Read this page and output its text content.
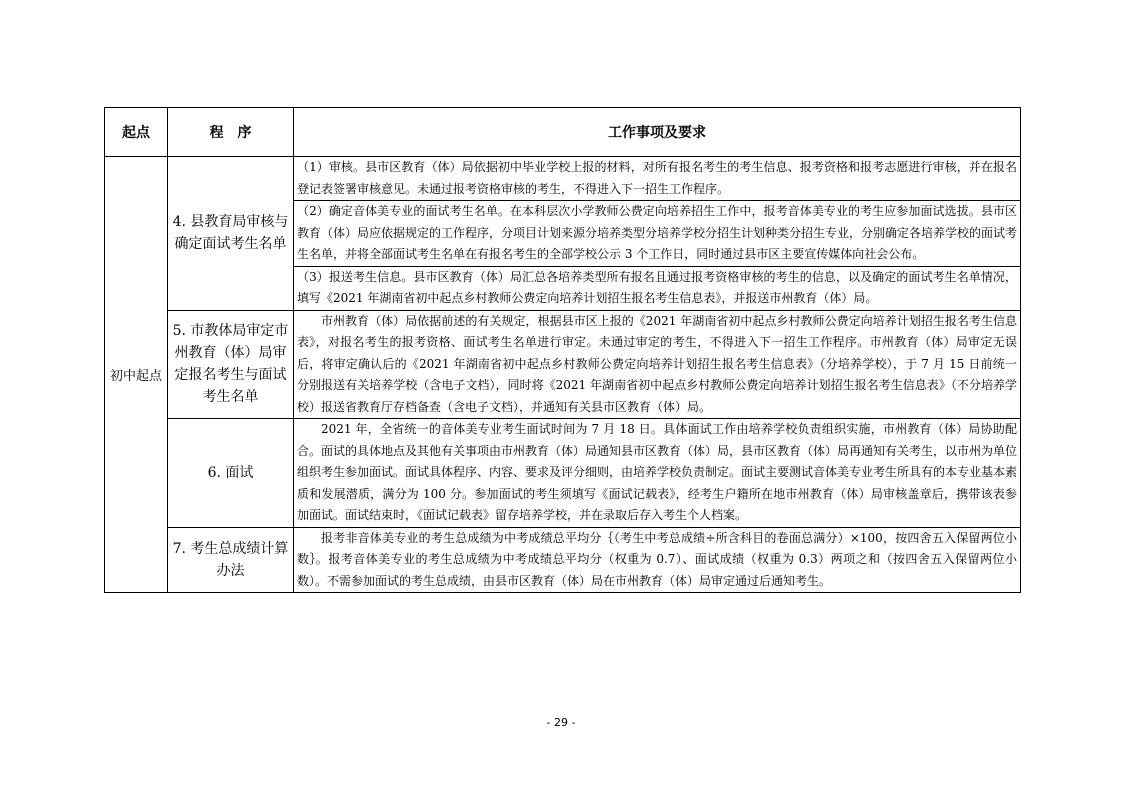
起点	程　序	工作事项及要求
初中起点	4. 县教育局审核与确定面试考生名单	（1）审核。县市区教育（体）局依据初中毕业学校上报的材料，对所有报名考生的考生信息、报考资格和报考志愿进行审核，并在报名登记表签署审核意见。未通过报考资格审核的考生，不得进入下一招生工作程序。

		（2）确定音体美专业的面试考生名单。在本科层次小学教师公费定向培养招生工作中，报考音体美专业的考生应参加面试选拔。县市区教育（体）局应依据规定的工作程序，分项目计划来源分培养类型分培养学校分招生计划种类分招生专业，分别确定各培养学校的面试考生名单，并将全部面试考生名单在有报名考生的全部学校公示 3 个工作日，同时通过县市区主要宣传媒体向社会公布。

		（3）报送考生信息。县市区教育（体）局汇总各培养类型所有报名且通过报考资格审核的考生的信息，以及确定的面试考生名单情况，填写《2021 年湖南省初中起点乡村教师公费定向培养计划招生报名考生信息表》，并报送市州教育（体）局。

	5. 市教体局审定市州教育（体）局审定报名考生与面试考生名单	市州教育（体）局依据前述的有关规定，根据县市区上报的《2021 年湖南省初中起点乡村教师公费定向培养计划招生报名考生信息表》，对报名考生的报考资格、面试考生名单进行审定。未通过审定的考生，不得进入下一招生工作程序。市州教育（体）局审定无误后，将审定确认后的《2021 年湖南省初中起点乡村教师公费定向培养计划招生报名考生信息表》（分培养学校），于 7 月 15 日前统一分别报送有关培养学校（含电子文档），同时将《2021 年湖南省初中起点乡村教师公费定向培养计划招生报名考生信息表》（不分培养学校）报送省教育厅存档备查（含电子文档），并通知有关县市区教育（体）局。

	6. 面试	2021 年，全省统一的音体美专业考生面试时间为 7 月 18 日。具体面试工作由培养学校负责组织实施，市州教育（体）局协助配合。面试的具体地点及其他有关事项由市州教育（体）局通知县市区教育（体）局，县市区教育（体）局再通知有关考生，以市州为单位组织考生参加面试。面试具体程序、内容、要求及评分细则，由培养学校负责制定。面试主要测试音体美专业考生所具有的本专业基本素质和发展潜质，满分为 100 分。参加面试的考生须填写《面试记载表》，经考生户籍所在地市州教育（体）局审核盖章后，携带该表参加面试。面试结束时，《面试记载表》留存培养学校，并在录取后存入考生个人档案。

	7. 考生总成绩计算办法	报考非音体美专业的考生总成绩为中考成绩总平均分｛（考生中考总成绩÷所含科目的卷面总满分）×100，按四舍五入保留两位小数｝。报考音体美专业的考生总成绩为中考成绩总平均分（权重为 0.7）、面试成绩（权重为 0.3）两项之和（按四舍五入保留两位小数）。不需参加面试的考生总成绩，由县市区教育（体）局在市州教育（体）局审定通过后通知考生。

- 29 -
